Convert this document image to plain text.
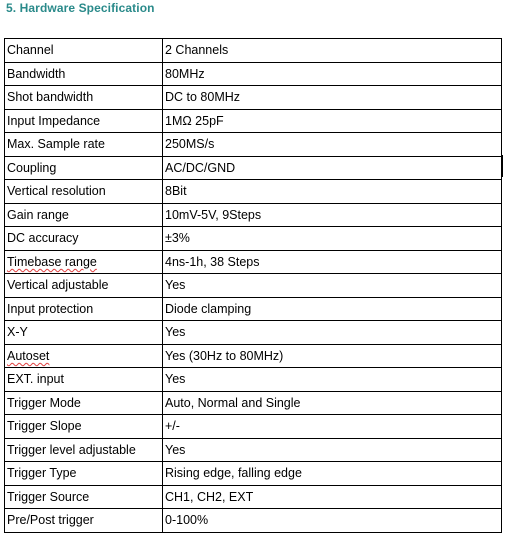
5. Hardware Specification
Channel	2 Channels
Bandwidth	80MHz
Shot bandwidth	DC to 80MHz
Input Impedance	1MΩ 25pF
Max. Sample rate	250MS/s
Coupling	AC/DC/GND
Vertical resolution	8Bit
Gain range	10mV-5V, 9Steps
DC accuracy	±3%
Timebase range	4ns-1h, 38 Steps
Vertical adjustable	Yes
Input protection	Diode clamping
X-Y	Yes
Autoset	Yes (30Hz to 80MHz)
EXT. input	Yes
Trigger Mode	Auto, Normal and Single
Trigger Slope	+/-
Trigger level adjustable	Yes
Trigger Type	Rising edge, falling edge
Trigger Source	CH1, CH2, EXT
Pre/Post trigger	0-100%
